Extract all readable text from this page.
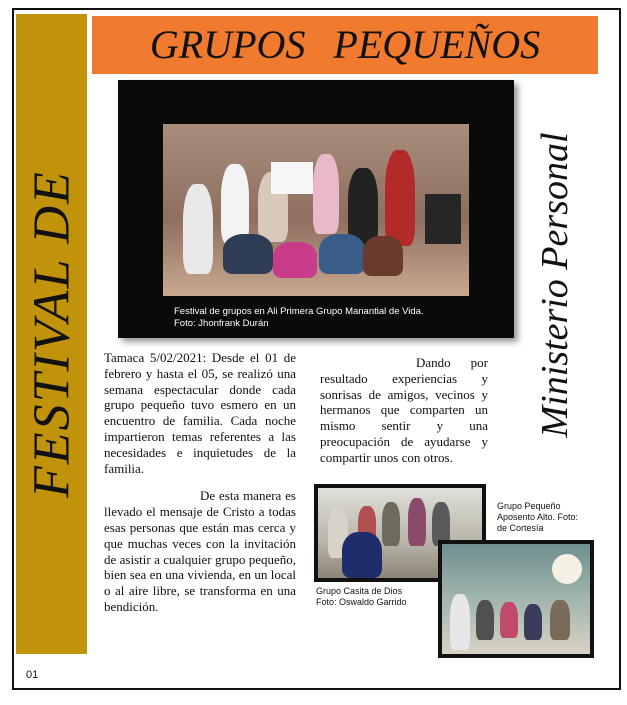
FESTIVAL DE
GRUPOS PEQUEÑOS
Festival de grupos en Ali Primera Grupo Manantial de Vida.
Foto: Jhonfrank Durán	Ministerio Personal

Tamaca 5/02/2021: Desde el 01 de febrero y hasta el 05, se realizó una semana espectacular donde cada grupo pequeño tuvo esmero en un encuentro de familia. Cada noche impartieron temas referentes a las necesidades e inquietudes de la familia.

De esta manera es llevado el mensaje de Cristo a todas esas personas que están mas cerca y que muchas veces con la invitación de asistir a cualquier grupo pequeño, bien sea en una vivienda, en un local o al aire libre, se transforma en una bendición.

Dando por resultado experiencias y sonrisas de amigos, vecinos y hermanos que comparten un mismo sentir y una preocupación de ayudarse y compartir unos con otros.

Grupo Casita de Dios
Foto: Oswaldo Garrido
Grupo Pequeño
Aposento Alto. Foto:
de Cortesía
01
